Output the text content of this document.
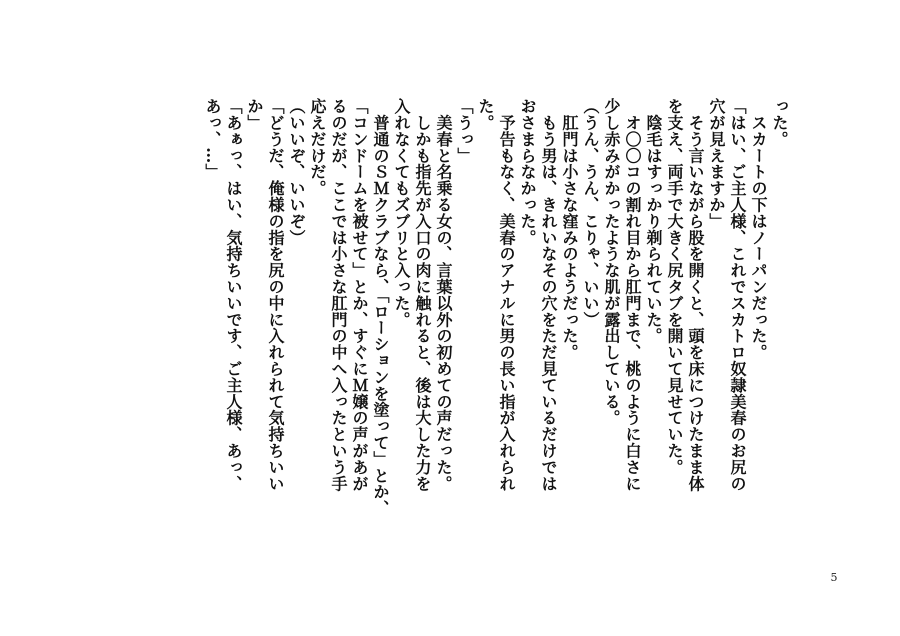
った。
　スカートの下はノーパンだった。
「はい、ご主人様、これでスカトロ奴隷美春のお尻の
穴が見えますか」
　そう言いながら股を開くと、頭を床につけたまま体
を支え、両手で大きく尻タブを開いて見せていた。
　陰毛はすっかり剃られていた。
　オ〇〇コの割れ目から肛門まで、桃のように白さに
少し赤みがかったような肌が露出している。
（うん、うん、こりゃ、いい）
　肛門は小さな窪みのようだった。
　もう男は、きれいなその穴をただ見ているだけでは
おさまらなかった。
　予告もなく、美春のアナルに男の長い指が入れられ
た。
「うっ」
　美春と名乗る女の、言葉以外の初めての声だった。
　しかも指先が入口の肉に触れると、後は大した力を
入れなくてもズブリと入った。
　普通のＳＭクラブなら、「ローションを塗って」とか、
「コンドームを被せて」とか、すぐにＭ嬢の声があが
るのだが、ここでは小さな肛門の中へ入ったという手
応えだけだ。
（いいぞ、いいぞ）
「どうだ、俺様の指を尻の中に入れられて気持ちいい
か」
「あぁっ、はい、気持ちいいです、ご主人様、あっ、
あっ、…」
5
